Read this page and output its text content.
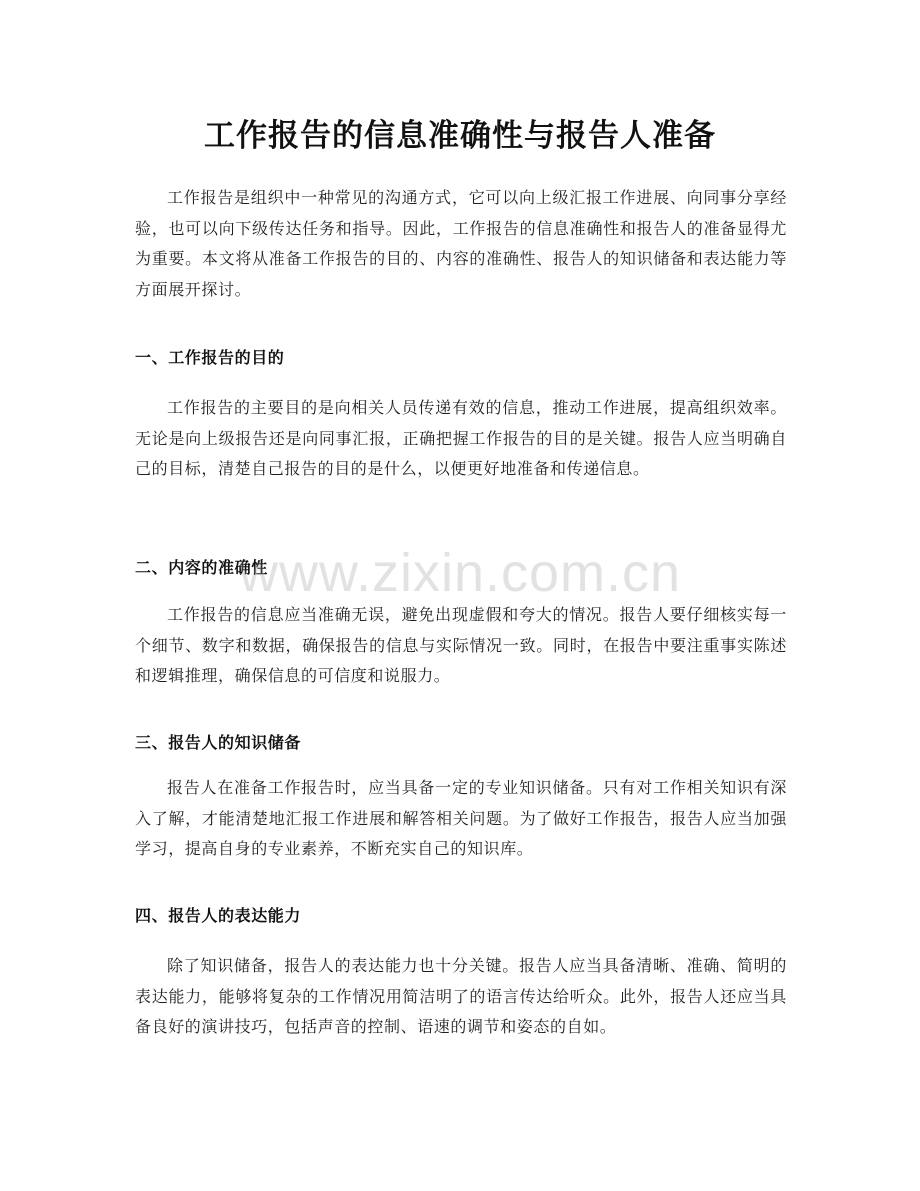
工作报告的信息准确性与报告人准备
工作报告是组织中一种常见的沟通方式，它可以向上级汇报工作进展、向同事分享经验，也可以向下级传达任务和指导。因此，工作报告的信息准确性和报告人的准备显得尤为重要。本文将从准备工作报告的目的、内容的准确性、报告人的知识储备和表达能力等方面展开探讨。
一、工作报告的目的
工作报告的主要目的是向相关人员传递有效的信息，推动工作进展，提高组织效率。无论是向上级报告还是向同事汇报，正确把握工作报告的目的是关键。报告人应当明确自己的目标，清楚自己报告的目的是什么，以便更好地准备和传递信息。
二、内容的准确性
工作报告的信息应当准确无误，避免出现虚假和夸大的情况。报告人要仔细核实每一个细节、数字和数据，确保报告的信息与实际情况一致。同时，在报告中要注重事实陈述和逻辑推理，确保信息的可信度和说服力。
三、报告人的知识储备
报告人在准备工作报告时，应当具备一定的专业知识储备。只有对工作相关知识有深入了解，才能清楚地汇报工作进展和解答相关问题。为了做好工作报告，报告人应当加强学习，提高自身的专业素养，不断充实自己的知识库。
四、报告人的表达能力
除了知识储备，报告人的表达能力也十分关键。报告人应当具备清晰、准确、简明的表达能力，能够将复杂的工作情况用简洁明了的语言传达给听众。此外，报告人还应当具备良好的演讲技巧，包括声音的控制、语速的调节和姿态的自如。
www.zixin.com.cn
